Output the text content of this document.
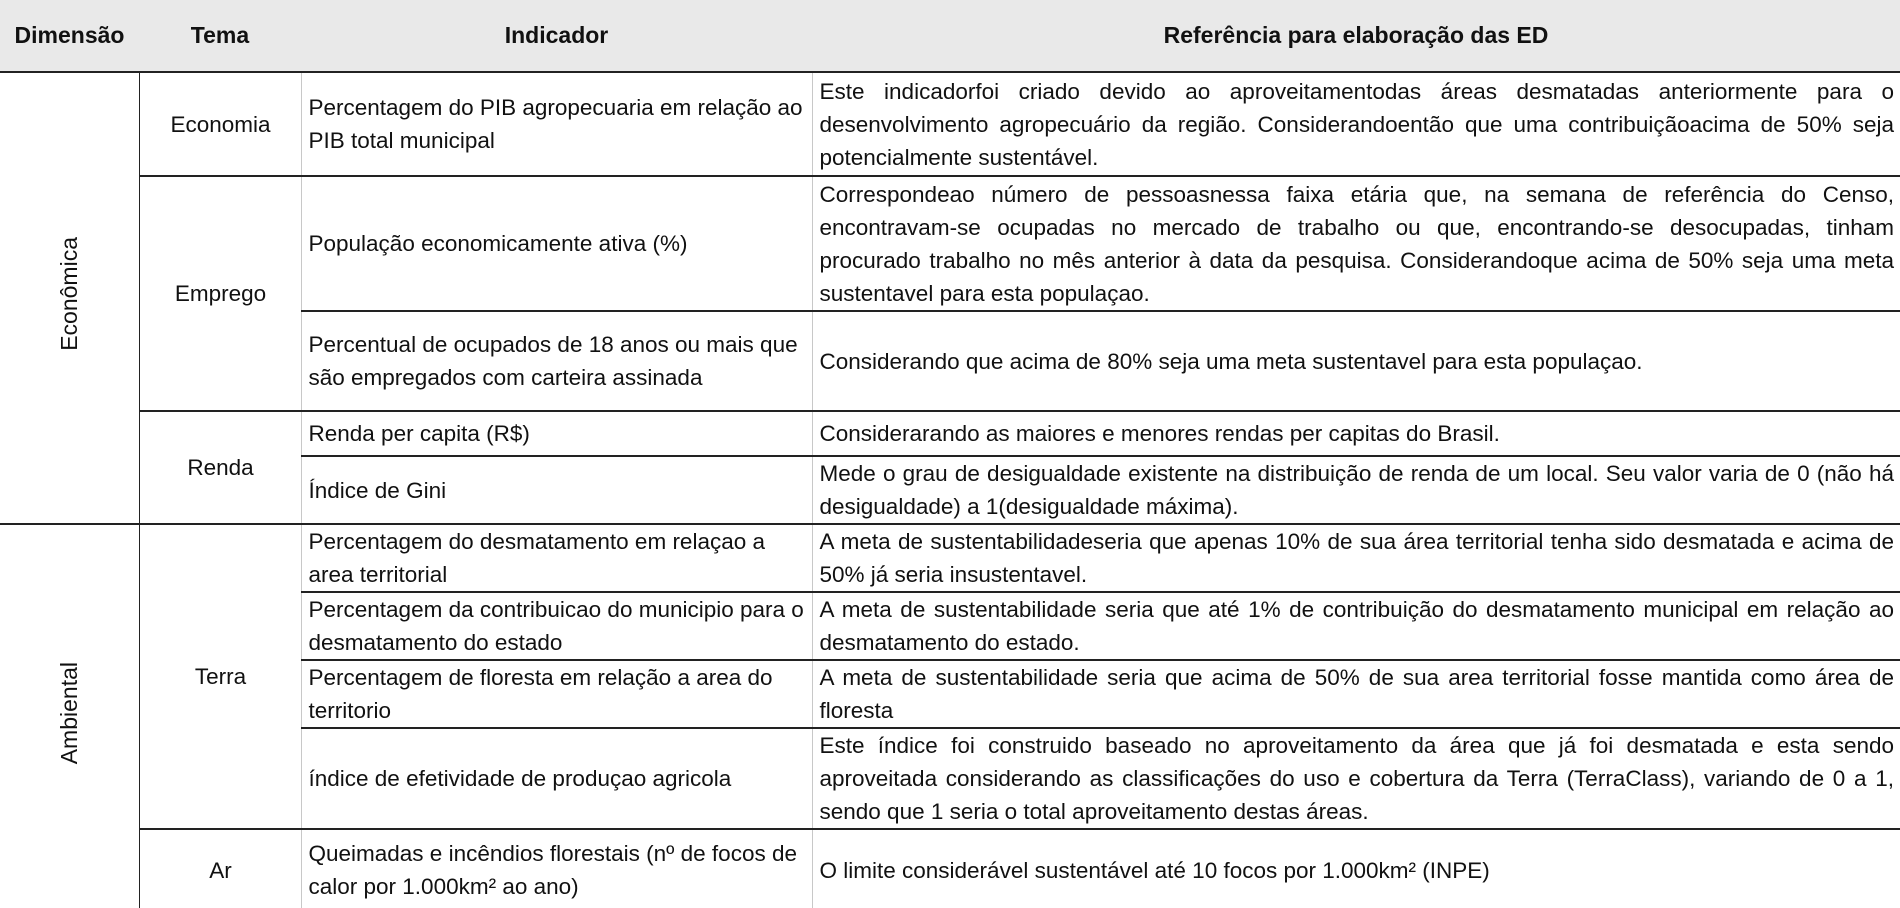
Dimensão	Tema	Indicador	Referência para elaboração das ED
Econômica	Economia	Percentagem do PIB agropecuaria em relação ao PIB total municipal	Este indicadorfoi criado devido ao aproveitamentodas áreas desmatadas anteriormente para o desenvolvimento agropecuário da região. Considerandoentão que uma contribuiçãoacima de 50% seja potencialmente sustentável.
	Emprego	População economicamente ativa (%)	Correspondeao número de pessoasnessa faixa etária que, na semana de referência do Censo, encontravam-se ocupadas no mercado de trabalho ou que, encontrando-se desocupadas, tinham procurado trabalho no mês anterior à data da pesquisa. Considerandoque acima de 50% seja uma meta sustentavel para esta populaçao.
		Percentual de ocupados de 18 anos ou mais que são empregados com carteira assinada	Considerando que acima de 80% seja uma meta sustentavel para esta populaçao.
	Renda	Renda per capita (R$)	Considerarando as maiores e menores rendas per capitas do Brasil.
		Índice de Gini	Mede o grau de desigualdade existente na distribuição de renda de um local. Seu valor varia de 0 (não há desigualdade) a 1(desigualdade máxima).
Ambiental	Terra	Percentagem do desmatamento em relaçao a area territorial	A meta de sustentabilidadeseria que apenas 10% de sua área territorial tenha sido desmatada e acima de 50% já seria insustentavel.
		Percentagem da contribuicao do municipio para o desmatamento do estado	A meta de sustentabilidade seria que até 1% de contribuição do desmatamento municipal em relação ao desmatamento do estado.
		Percentagem de floresta em relação a area do territorio	A meta de sustentabilidade seria que acima de 50% de sua area territorial fosse mantida como área de floresta
		índice de efetividade de produçao agricola	Este índice foi construido baseado no aproveitamento da área que já foi desmatada e esta sendo aproveitada considerando as classificações do uso e cobertura da Terra (TerraClass), variando de 0 a 1, sendo que 1 seria o total aproveitamento destas áreas.
	Ar	Queimadas e incêndios florestais (nº de focos de calor por 1.000km² ao ano)	O limite considerável sustentável até 10 focos por 1.000km² (INPE)
